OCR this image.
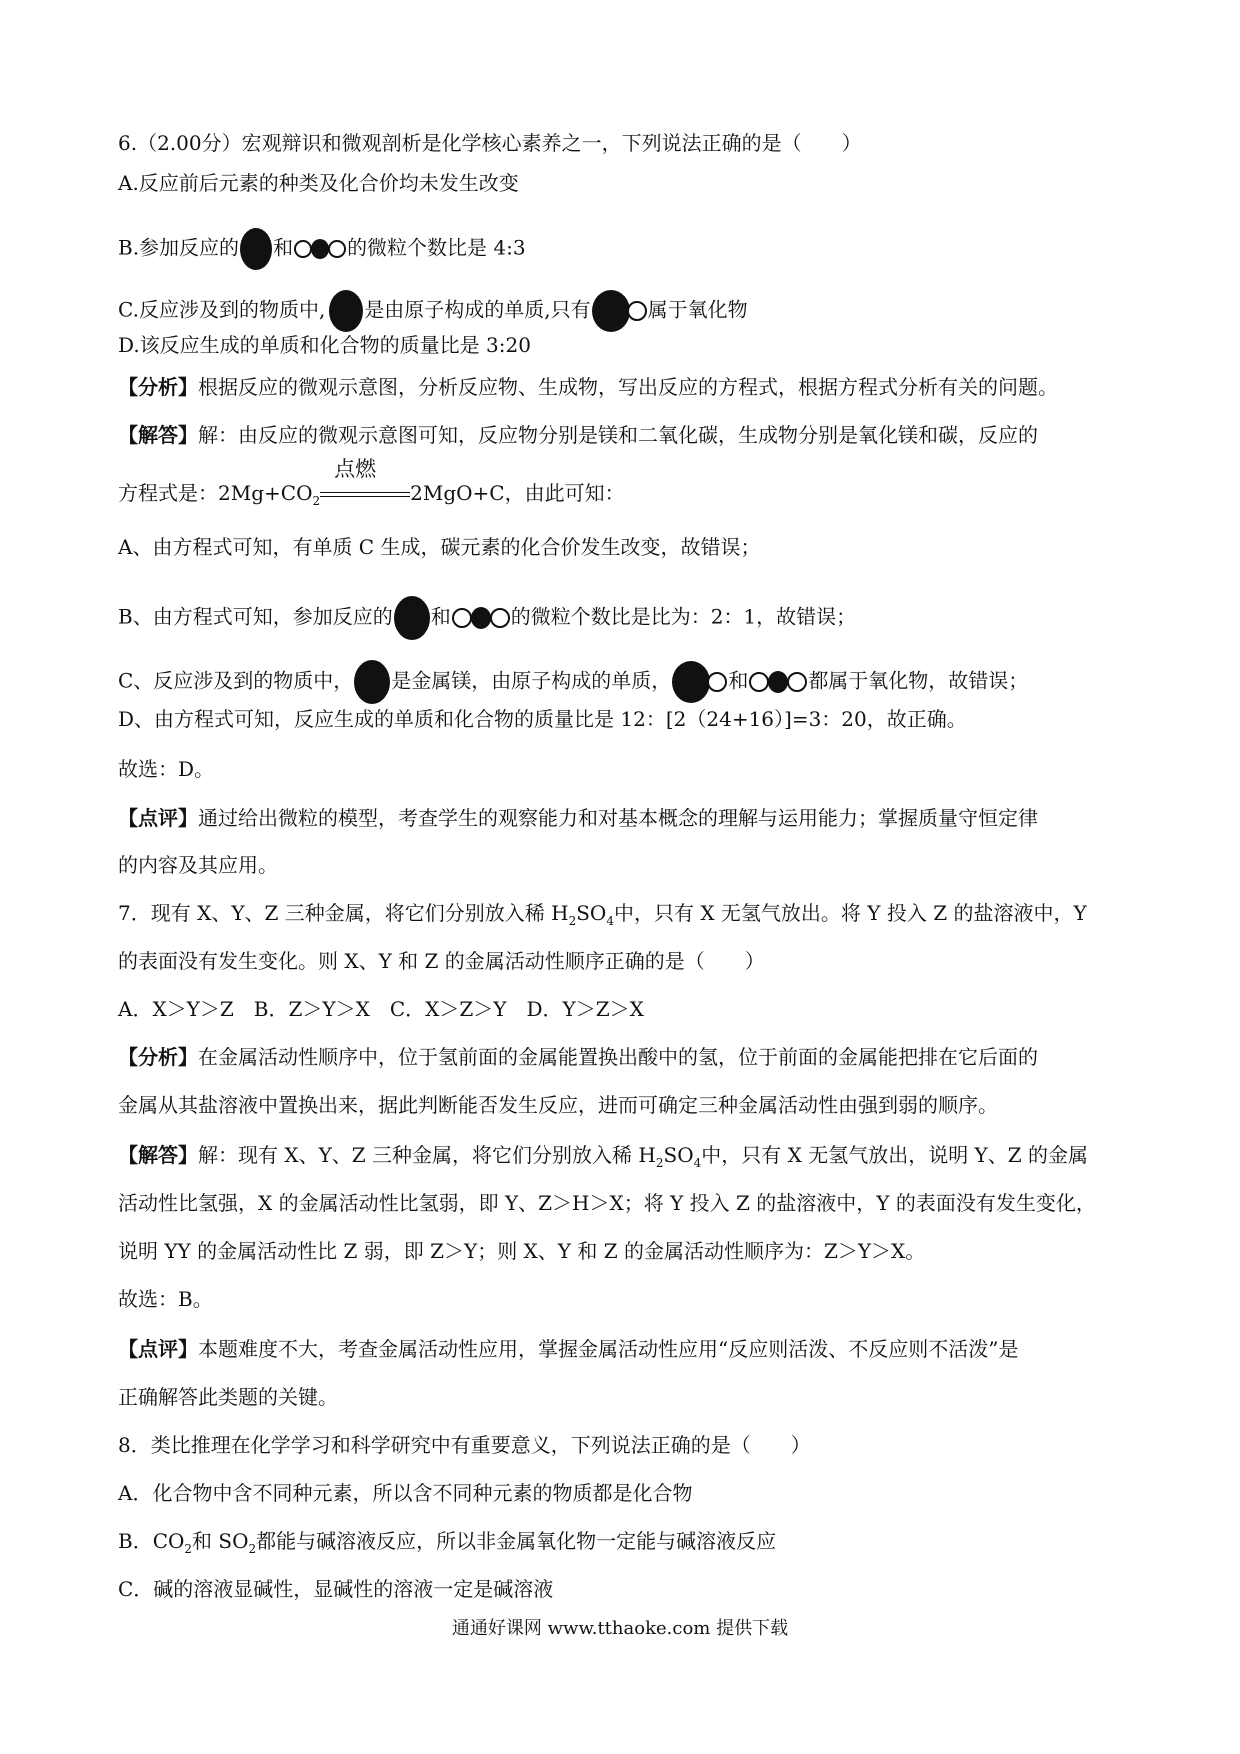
6.（2.00分）宏观辩识和微观剖析是化学核心素养之一，下列说法正确的是（　　）
A.反应前后元素的种类及化合价均未发生改变
B.参加反应的 和	的微粒个数比是 4:3
C.反应涉及到的物质中, 是由原子构成的单质,只有	属于氧化物
D.该反应生成的单质和化合物的质量比是 3:20
【分析】根据反应的微观示意图，分析反应物、生成物，写出反应的方程式，根据方程式分析有关的问题。
【解答】解：由反应的微观示意图可知，反应物分别是镁和二氧化碳，生成物分别是氧化镁和碳，反应的
方程式是：$2Mg+CO_2$
点燃
2MgO+C，由此可知：
A、由方程式可知，有单质 C 生成，碳元素的化合价发生改变，故错误；
B、由方程式可知，参加反应的 和	的微粒个数比是比为：2：1，故错误；
C、反应涉及到的物质中， 是金属镁，由原子构成的单质，	和	都属于氧化物，故错误；
D、由方程式可知，反应生成的单质和化合物的质量比是 12：[2（24+16）]=3：20，故正确。
故选：D。
【点评】通过给出微粒的模型，考查学生的观察能力和对基本概念的理解与运用能力；掌握质量守恒定律
的内容及其应用。
7．现有 X、Y、Z 三种金属，将它们分别放入稀 $H_2SO_4$中，只有 X 无氢气放出。将 Y 投入 Z 的盐溶液中，Y
的表面没有发生变化。则 X、Y 和 Z 的金属活动性顺序正确的是（　　）
A．X＞Y＞Z　B．Z＞Y＞X　C．X＞Z＞Y　D．Y＞Z＞X
【分析】在金属活动性顺序中，位于氢前面的金属能置换出酸中的氢，位于前面的金属能把排在它后面的
金属从其盐溶液中置换出来，据此判断能否发生反应，进而可确定三种金属活动性由强到弱的顺序。
【解答】解：现有 X、Y、Z 三种金属，将它们分别放入稀 $H_2SO_4$中，只有 X 无氢气放出，说明 Y、Z 的金属
活动性比氢强，X 的金属活动性比氢弱，即 Y、Z＞H＞X；将 Y 投入 Z 的盐溶液中，Y 的表面没有发生变化，
说明 YY 的金属活动性比 Z 弱，即 Z＞Y；则 X、Y 和 Z 的金属活动性顺序为：Z＞Y＞X。
故选：B。
【点评】本题难度不大，考查金属活动性应用，掌握金属活动性应用“反应则活泼、不反应则不活泼”是
正确解答此类题的关键。
8．类比推理在化学学习和科学研究中有重要意义，下列说法正确的是（　　）
A．化合物中含不同种元素，所以含不同种元素的物质都是化合物
B．$CO_2$和 $SO_2$都能与碱溶液反应，所以非金属氧化物一定能与碱溶液反应
C．碱的溶液显碱性，显碱性的溶液一定是碱溶液
通通好课网 www.tthaoke.com 提供下载
